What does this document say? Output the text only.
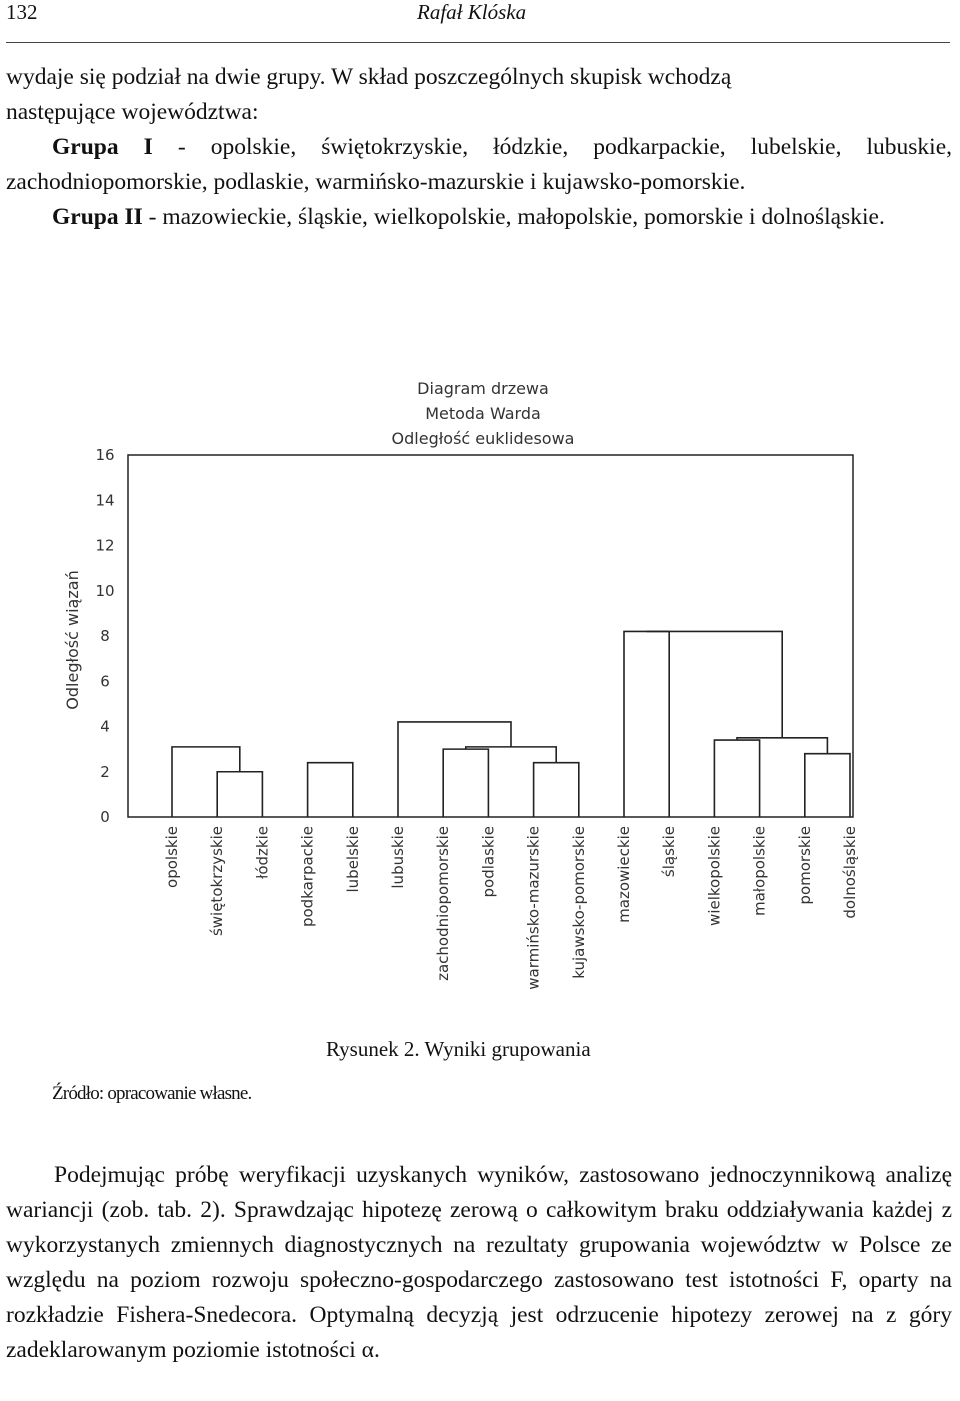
132	Rafał Klóska
wydaje się podział na dwie grupy. W skład poszczególnych skupisk wchodzą
następujące województwa:
Grupa I - opolskie, świętokrzyskie, łódzkie, podkarpackie, lubelskie, lubuskie, zachodniopomorskie, podlaskie, warmińsko-mazurskie i kujawsko-pomorskie.
Grupa II - mazowieckie, śląskie, wielkopolskie, małopolskie, pomorskie i dolnośląskie.
Diagram drzewa
Metoda Warda
Odległość euklidesowa
0
2
4
6
8
10
12
14
16
Odległość wiązań
opolskie świętokrzyskie łódzkie podkarpackie lubelskie lubuskie zachodniopomorskie podlaskie warmińsko-mazurskie kujawsko-pomorskie mazowieckie śląskie wielkopolskie małopolskie pomorskie dolnośląskie
Rysunek 2. Wyniki grupowania
Źródło: opracowanie własne.
Podejmując próbę weryfikacji uzyskanych wyników, zastosowano jednoczynnikową analizę wariancji (zob. tab. 2). Sprawdzając hipotezę zerową o całkowitym braku oddziaływania każdej z wykorzystanych zmiennych diagnostycznych na rezultaty grupowania województw w Polsce ze względu na poziom rozwoju społeczno-gospodarczego zastosowano test istotności F, oparty na rozkładzie Fishera-Snedecora. Optymalną decyzją jest odrzucenie hipotezy zerowej na z góry zadeklarowanym poziomie istotności α.
